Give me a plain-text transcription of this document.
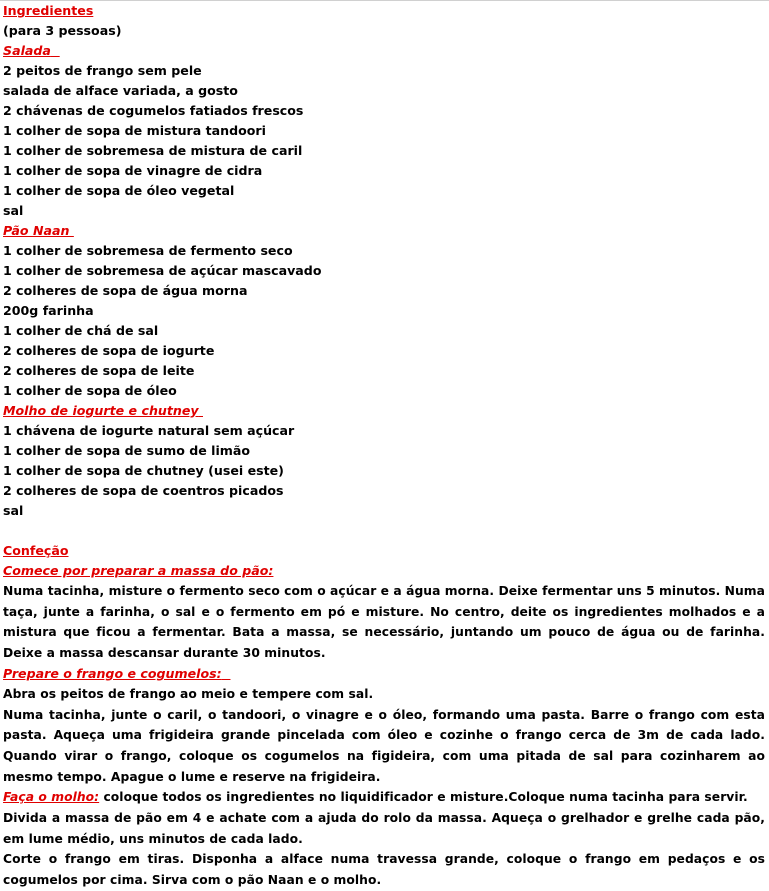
Ingredientes
(para 3 pessoas)
Salada
2 peitos de frango sem pele
salada de alface variada, a gosto
2 chávenas de cogumelos fatiados frescos
1 colher de sopa de mistura tandoori
1 colher de sobremesa de mistura de caril
1 colher de sopa de vinagre de cidra
1 colher de sopa de óleo vegetal
sal
Pão Naan
1 colher de sobremesa de fermento seco
1 colher de sobremesa de açúcar mascavado
2 colheres de sopa de água morna
200g farinha
1 colher de chá de sal
2 colheres de sopa de iogurte
2 colheres de sopa de leite
1 colher de sopa de óleo
Molho de iogurte e chutney
1 chávena de iogurte natural sem açúcar
1 colher de sopa de sumo de limão
1 colher de sopa de chutney (usei este)
2 colheres de sopa de coentros picados
sal
Confeção
Comece por preparar a massa do pão:
Numa tacinha, misture o fermento seco com o açúcar e a água morna. Deixe fermentar uns 5 minutos. Numa taça, junte a farinha, o sal e o fermento em pó e misture. No centro, deite os ingredientes molhados e a mistura que ficou a fermentar. Bata a massa, se necessário, juntando um pouco de água ou de farinha. Deixe a massa descansar durante 30 minutos.
Prepare o frango e cogumelos:
Abra os peitos de frango ao meio e tempere com sal.
Numa tacinha, junte o caril, o tandoori, o vinagre e o óleo, formando uma pasta. Barre o frango com esta pasta. Aqueça uma frigideira grande pincelada com óleo e cozinhe o frango cerca de 3m de cada lado. Quando virar o frango, coloque os cogumelos na figideira, com uma pitada de sal para cozinharem ao mesmo tempo. Apague o lume e reserve na frigideira.
Faça o molho: coloque todos os ingredientes no liquidificador e misture.Coloque numa tacinha para servir.
Divida a massa de pão em 4 e achate com a ajuda do rolo da massa. Aqueça o grelhador e grelhe cada pão, em lume médio, uns minutos de cada lado.
Corte o frango em tiras. Disponha a alface numa travessa grande, coloque o frango em pedaços e os cogumelos por cima. Sirva com o pão Naan e o molho.
